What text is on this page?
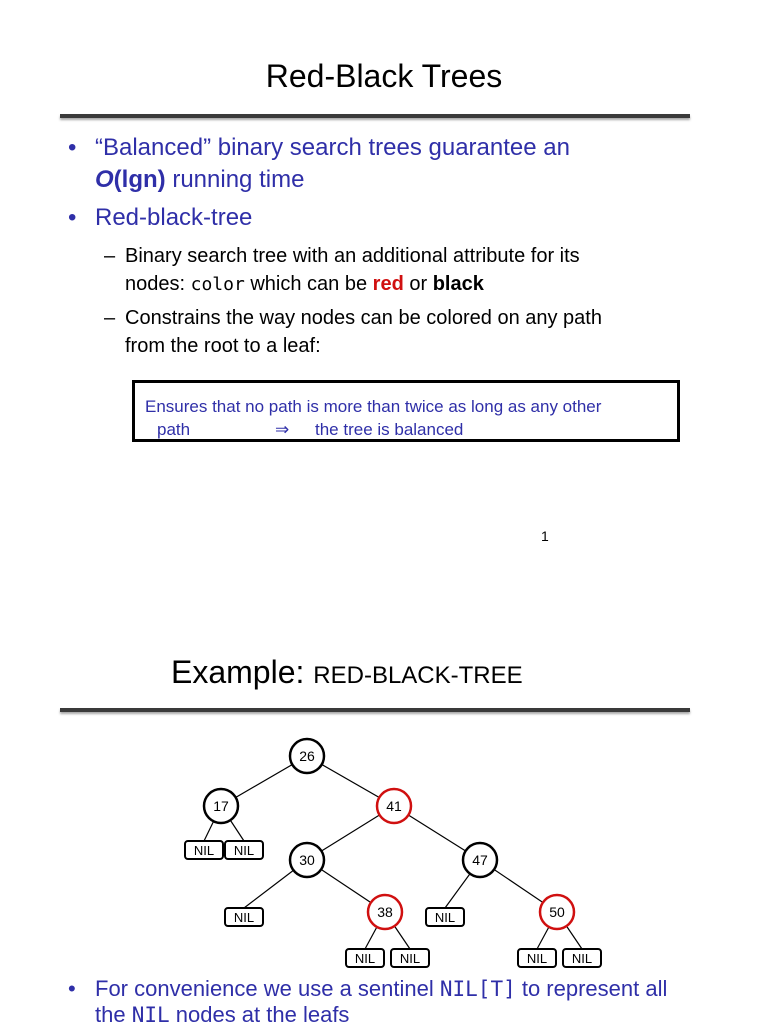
Red-Black Trees
• “Balanced” binary search trees guarantee an
O(lgn) running time
• Red-black-tree
– Binary search tree with an additional attribute for its
nodes: color which can be red or black
– Constrains the way nodes can be colored on any path
from the root to a leaf:
Ensures that no path is more than twice as long as any other
path	⇒ the tree is balanced
1
Example: RED-BLACK-TREE
NIL NIL
NIL	NIL
NIL NIL	NIL NIL
26
17	41
30	47
38	50
• For convenience we use a sentinel NIL[T] to represent all
the NIL nodes at the leafs
